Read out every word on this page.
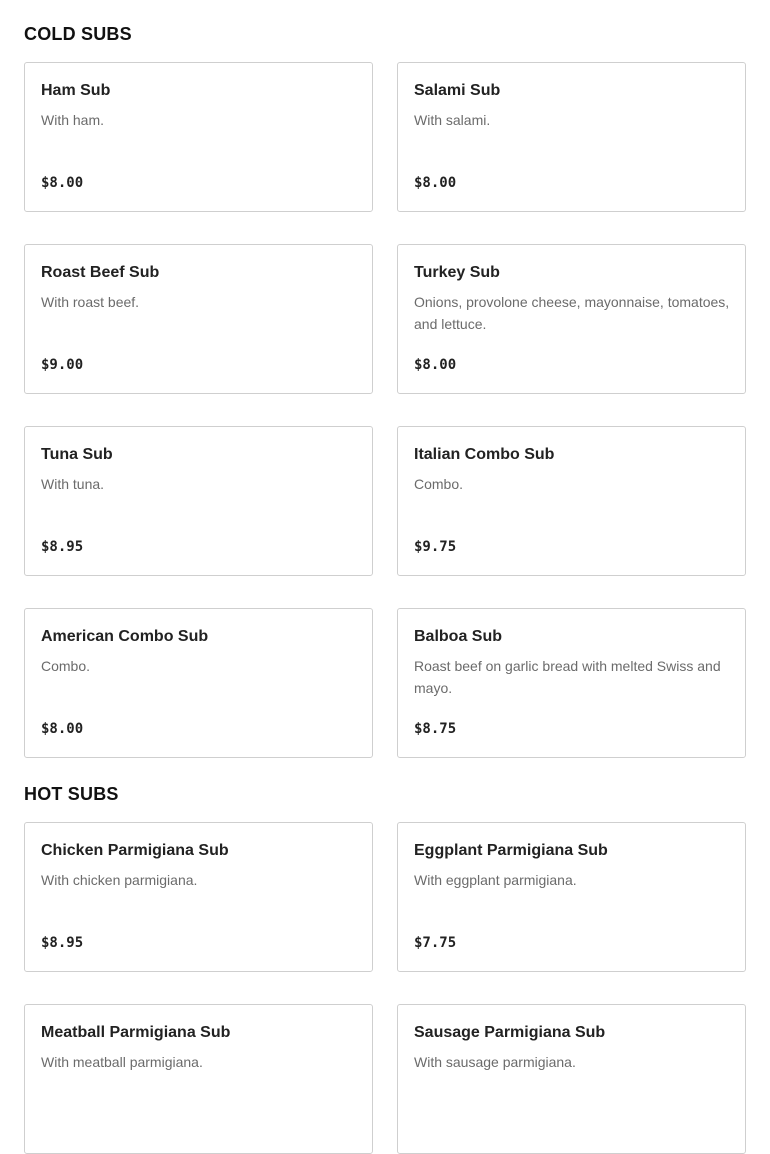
COLD SUBS
Ham Sub
With ham.
$8.00
Salami Sub
With salami.
$8.00
Roast Beef Sub
With roast beef.
$9.00
Turkey Sub
Onions, provolone cheese, mayonnaise, tomatoes, and lettuce.
$8.00
Tuna Sub
With tuna.
$8.95
Italian Combo Sub
Combo.
$9.75
American Combo Sub
Combo.
$8.00
Balboa Sub
Roast beef on garlic bread with melted Swiss and mayo.
$8.75
HOT SUBS
Chicken Parmigiana Sub
With chicken parmigiana.
$8.95
Eggplant Parmigiana Sub
With eggplant parmigiana.
$7.75
Meatball Parmigiana Sub
With meatball parmigiana.
Sausage Parmigiana Sub
With sausage parmigiana.
